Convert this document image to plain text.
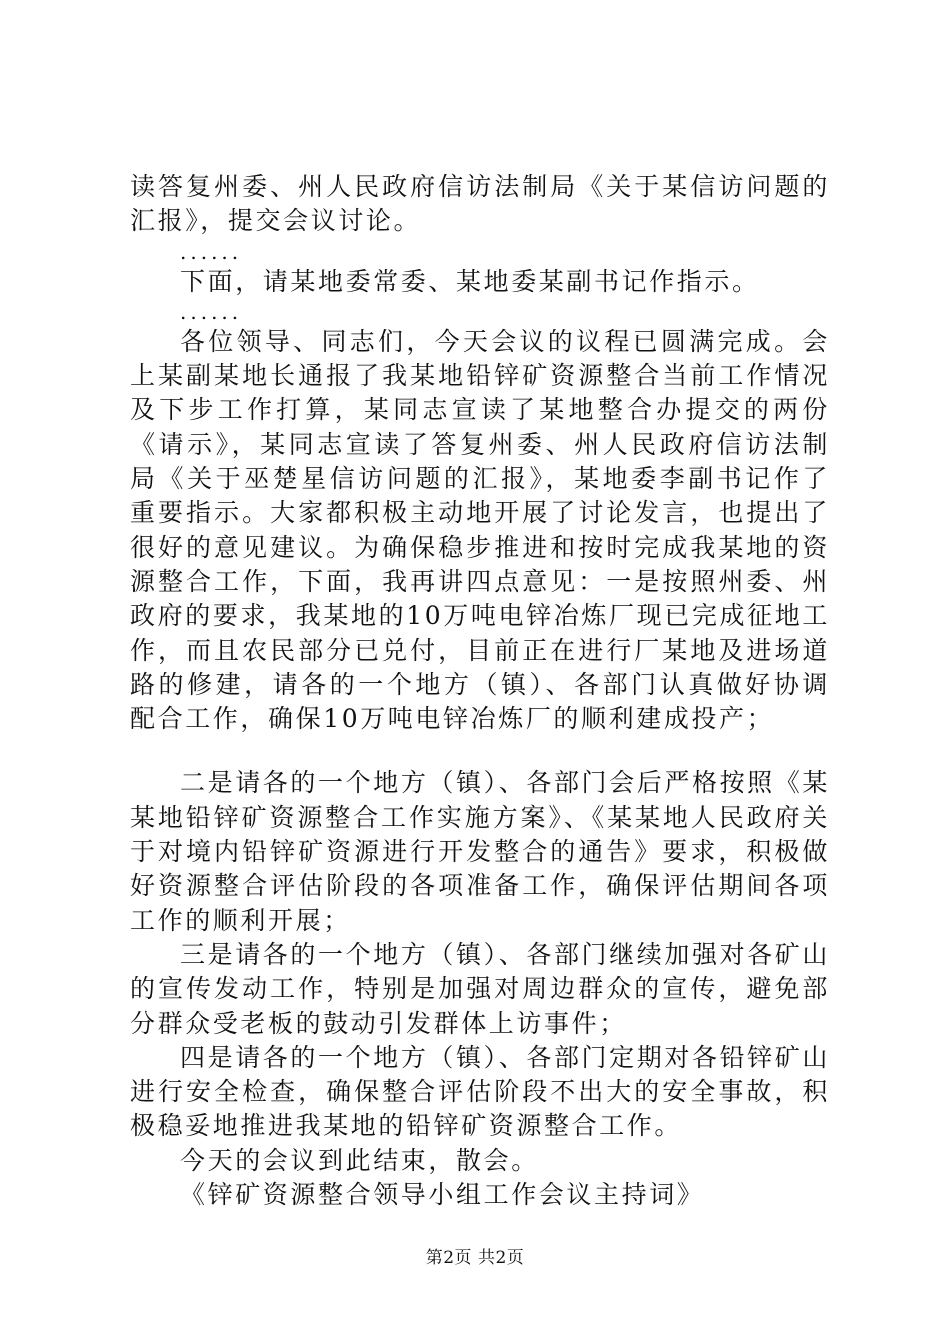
读答复州委、州人民政府信访法制局《关于某信访问题的汇报》，提交会议讨论。

......

下面，请某地委常委、某地委某副书记作指示。

......

各位领导、同志们，今天会议的议程已圆满完成。会上某副某地长通报了我某地铅锌矿资源整合当前工作情况及下步工作打算，某同志宣读了某地整合办提交的两份《请示》，某同志宣读了答复州委、州人民政府信访法制局《关于巫楚星信访问题的汇报》，某地委李副书记作了重要指示。大家都积极主动地开展了讨论发言，也提出了很好的意见建议。为确保稳步推进和按时完成我某地的资源整合工作，下面，我再讲四点意见：一是按照州委、州政府的要求，我某地的10万吨电锌冶炼厂现已完成征地工作，而且农民部分已兑付，目前正在进行厂某地及进场道路的修建，请各的一个地方（镇）、各部门认真做好协调配合工作，确保10万吨电锌冶炼厂的顺利建成投产；

二是请各的一个地方（镇）、各部门会后严格按照《某某地铅锌矿资源整合工作实施方案》、《某某地人民政府关于对境内铅锌矿资源进行开发整合的通告》要求，积极做好资源整合评估阶段的各项准备工作，确保评估期间各项工作的顺利开展；

三是请各的一个地方（镇）、各部门继续加强对各矿山的宣传发动工作，特别是加强对周边群众的宣传，避免部分群众受老板的鼓动引发群体上访事件；

四是请各的一个地方（镇）、各部门定期对各铅锌矿山进行安全检查，确保整合评估阶段不出大的安全事故，积极稳妥地推进我某地的铅锌矿资源整合工作。

今天的会议到此结束，散会。

《锌矿资源整合领导小组工作会议主持词》

第2页 共2页
